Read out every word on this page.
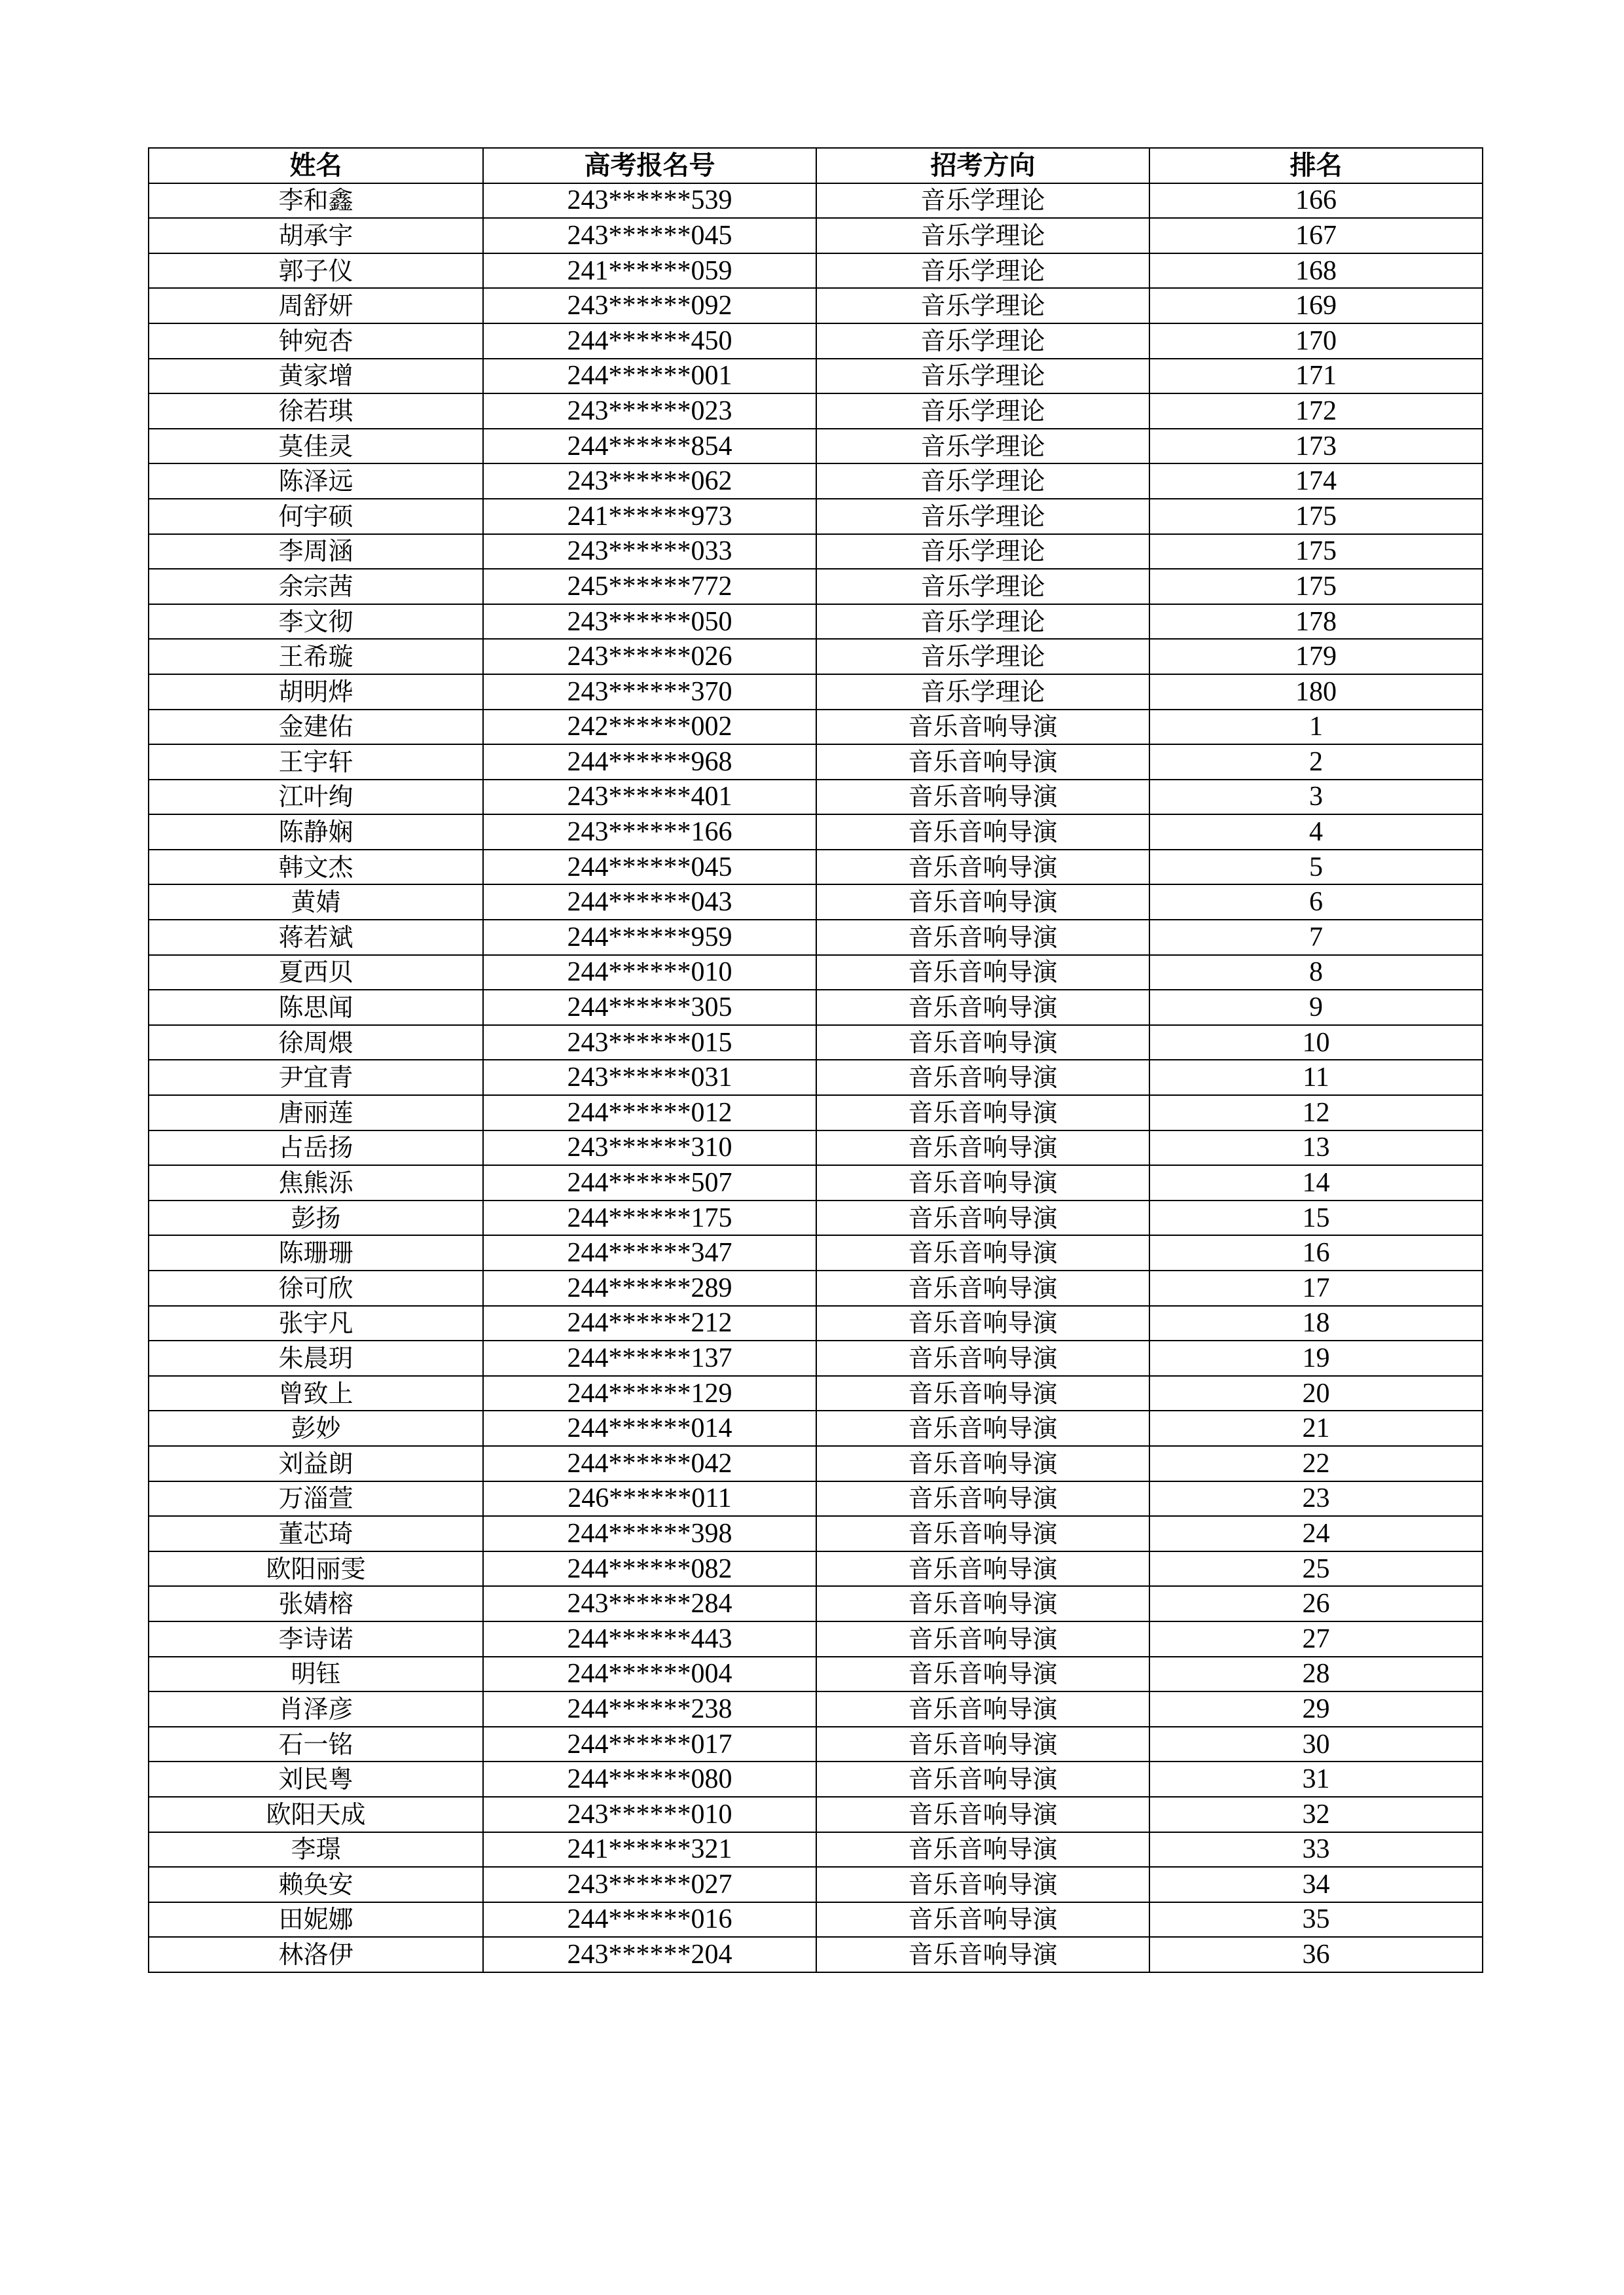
姓名	高考报名号	招考方向	排名
李和鑫	243******539	音乐学理论	166
胡承宇	243******045	音乐学理论	167
郭子仪	241******059	音乐学理论	168
周舒妍	243******092	音乐学理论	169
钟宛杏	244******450	音乐学理论	170
黄家增	244******001	音乐学理论	171
徐若琪	243******023	音乐学理论	172
莫佳灵	244******854	音乐学理论	173
陈泽远	243******062	音乐学理论	174
何宇硕	241******973	音乐学理论	175
李周涵	243******033	音乐学理论	175
余宗茜	245******772	音乐学理论	175
李文彻	243******050	音乐学理论	178
王希璇	243******026	音乐学理论	179
胡明烨	243******370	音乐学理论	180
金建佑	242******002	音乐音响导演	1
王宇轩	244******968	音乐音响导演	2
江叶绚	243******401	音乐音响导演	3
陈静娴	243******166	音乐音响导演	4
韩文杰	244******045	音乐音响导演	5
黄婧	244******043	音乐音响导演	6
蒋若斌	244******959	音乐音响导演	7
夏西贝	244******010	音乐音响导演	8
陈思闻	244******305	音乐音响导演	9
徐周煨	243******015	音乐音响导演	10
尹宜青	243******031	音乐音响导演	11
唐丽莲	244******012	音乐音响导演	12
占岳扬	243******310	音乐音响导演	13
焦熊泺	244******507	音乐音响导演	14
彭扬	244******175	音乐音响导演	15
陈珊珊	244******347	音乐音响导演	16
徐可欣	244******289	音乐音响导演	17
张宇凡	244******212	音乐音响导演	18
朱晨玥	244******137	音乐音响导演	19
曾致上	244******129	音乐音响导演	20
彭妙	244******014	音乐音响导演	21
刘益朗	244******042	音乐音响导演	22
万淄萱	246******011	音乐音响导演	23
董芯琦	244******398	音乐音响导演	24
欧阳丽雯	244******082	音乐音响导演	25
张婧榕	243******284	音乐音响导演	26
李诗诺	244******443	音乐音响导演	27
明钰	244******004	音乐音响导演	28
肖泽彦	244******238	音乐音响导演	29
石一铭	244******017	音乐音响导演	30
刘民粤	244******080	音乐音响导演	31
欧阳天成	243******010	音乐音响导演	32
李璟	241******321	音乐音响导演	33
赖奂安	243******027	音乐音响导演	34
田妮娜	244******016	音乐音响导演	35
林洛伊	243******204	音乐音响导演	36
